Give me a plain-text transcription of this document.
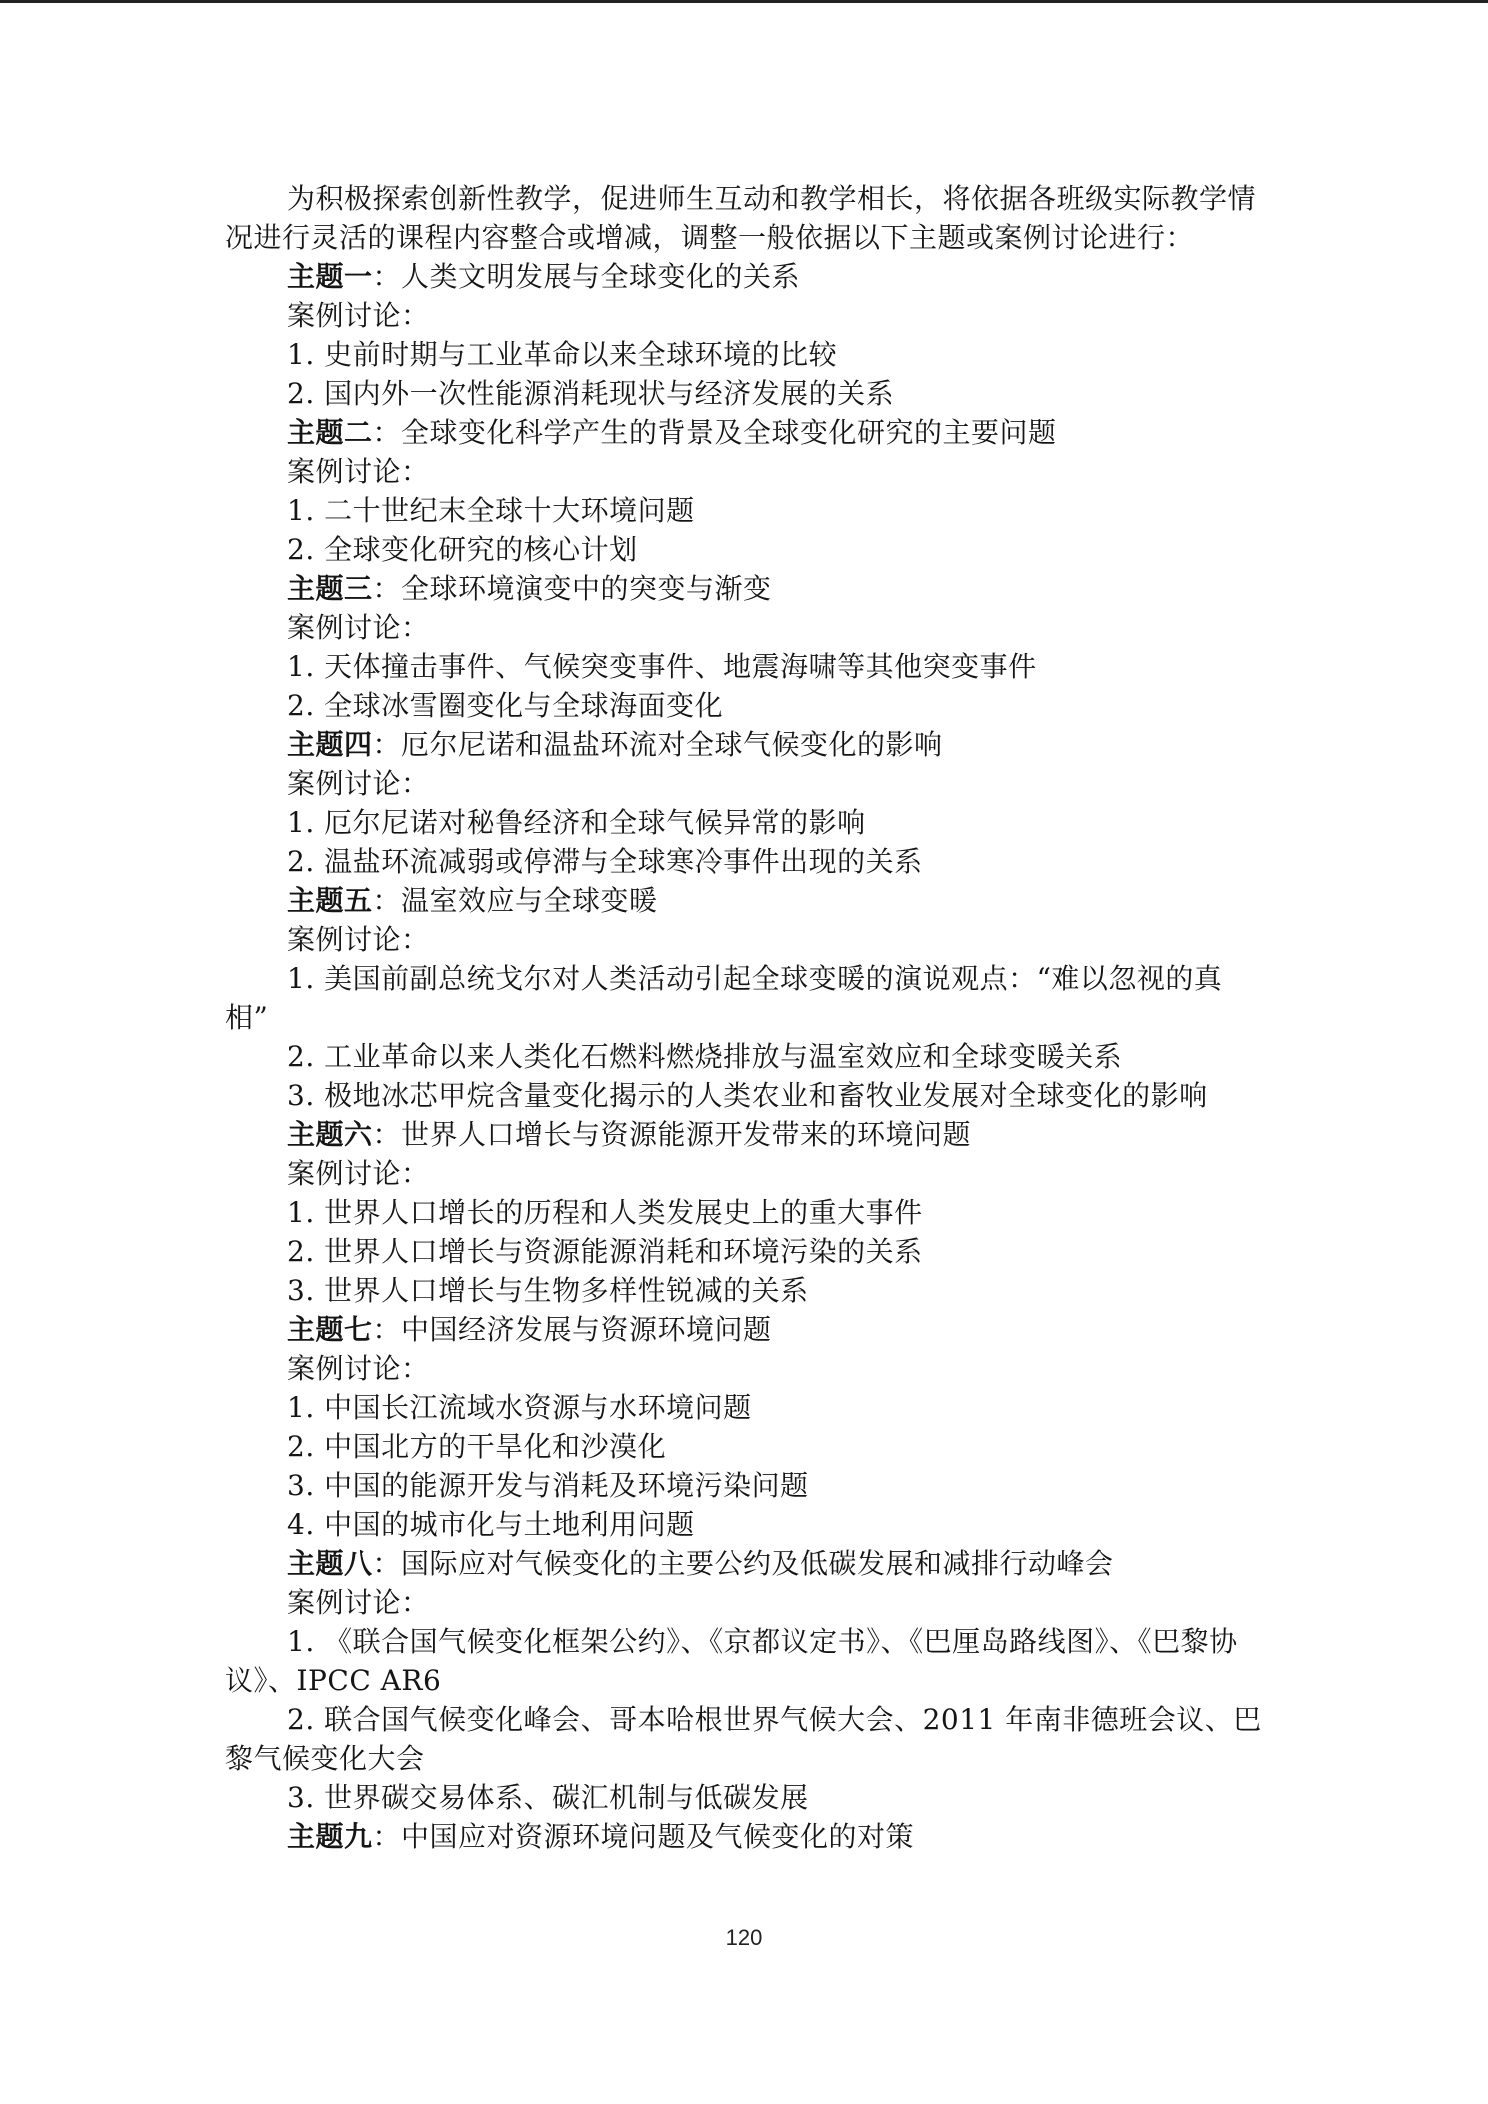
为积极探索创新性教学，促进师生互动和教学相长，将依据各班级实际教学情况进行灵活的课程内容整合或增减，调整一般依据以下主题或案例讨论进行：
主题一：人类文明发展与全球变化的关系
案例讨论：
1. 史前时期与工业革命以来全球环境的比较
2. 国内外一次性能源消耗现状与经济发展的关系
主题二：全球变化科学产生的背景及全球变化研究的主要问题
案例讨论：
1. 二十世纪末全球十大环境问题
2. 全球变化研究的核心计划
主题三：全球环境演变中的突变与渐变
案例讨论：
1. 天体撞击事件、气候突变事件、地震海啸等其他突变事件
2. 全球冰雪圈变化与全球海面变化
主题四：厄尔尼诺和温盐环流对全球气候变化的影响
案例讨论：
1. 厄尔尼诺对秘鲁经济和全球气候异常的影响
2. 温盐环流减弱或停滞与全球寒冷事件出现的关系
主题五：温室效应与全球变暖
案例讨论：
1. 美国前副总统戈尔对人类活动引起全球变暖的演说观点：“难以忽视的真相”
2. 工业革命以来人类化石燃料燃烧排放与温室效应和全球变暖关系
3. 极地冰芯甲烷含量变化揭示的人类农业和畜牧业发展对全球变化的影响
主题六：世界人口增长与资源能源开发带来的环境问题
案例讨论：
1. 世界人口增长的历程和人类发展史上的重大事件
2. 世界人口增长与资源能源消耗和环境污染的关系
3. 世界人口增长与生物多样性锐减的关系
主题七：中国经济发展与资源环境问题
案例讨论：
1. 中国长江流域水资源与水环境问题
2. 中国北方的干旱化和沙漠化
3. 中国的能源开发与消耗及环境污染问题
4. 中国的城市化与土地利用问题
主题八：国际应对气候变化的主要公约及低碳发展和减排行动峰会
案例讨论：
1. 《联合国气候变化框架公约》、《京都议定书》、《巴厘岛路线图》、《巴黎协议》、IPCC AR6
2. 联合国气候变化峰会、哥本哈根世界气候大会、2011 年南非德班会议、巴黎气候变化大会
3. 世界碳交易体系、碳汇机制与低碳发展
主题九：中国应对资源环境问题及气候变化的对策
120
